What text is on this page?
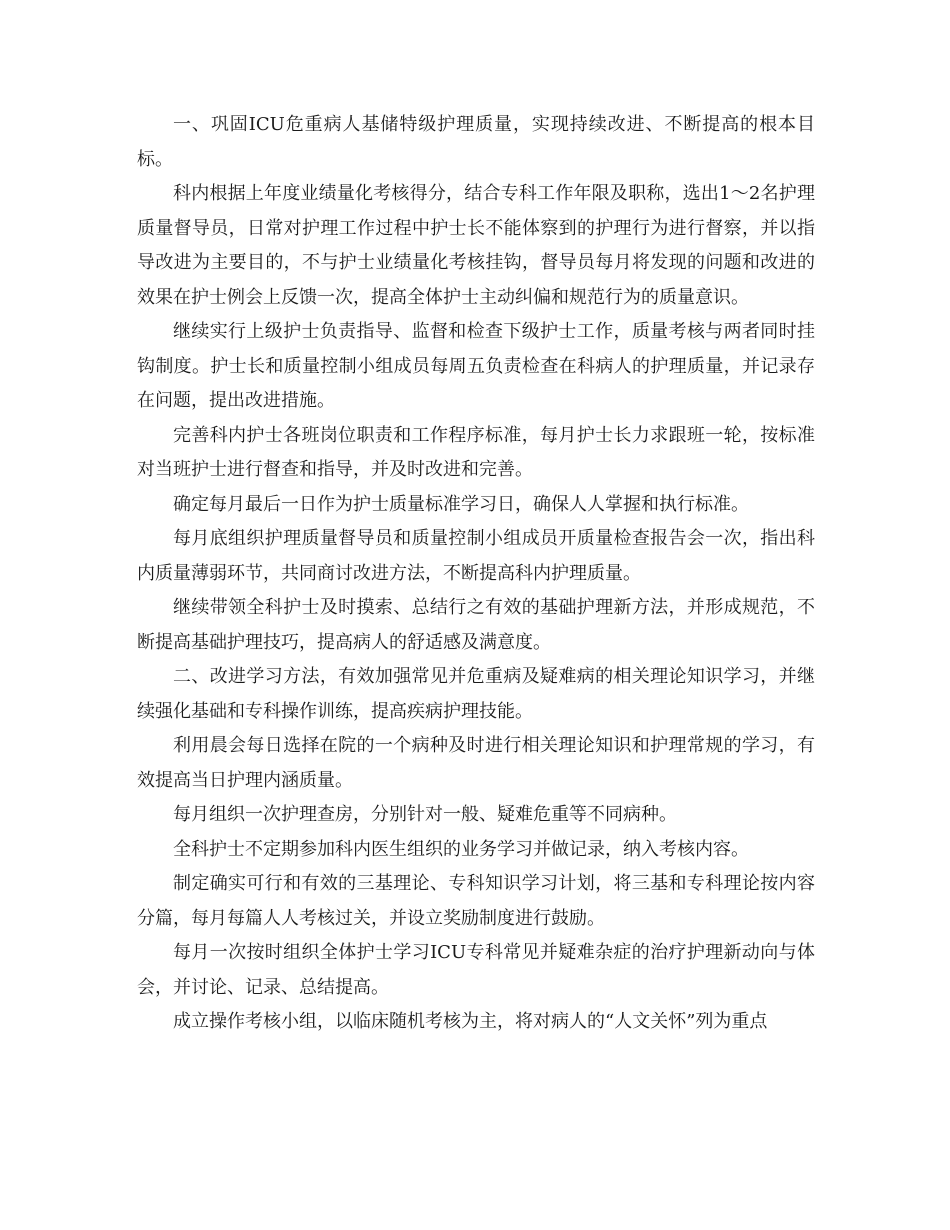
一、巩固ICU危重病人基储特级护理质量，实现持续改进、不断提高的根本目标。

科内根据上年度业绩量化考核得分，结合专科工作年限及职称，选出1～2名护理质量督导员，日常对护理工作过程中护士长不能体察到的护理行为进行督察，并以指导改进为主要目的，不与护士业绩量化考核挂钩，督导员每月将发现的问题和改进的效果在护士例会上反馈一次，提高全体护士主动纠偏和规范行为的质量意识。

继续实行上级护士负责指导、监督和检查下级护士工作，质量考核与两者同时挂钩制度。护士长和质量控制小组成员每周五负责检查在科病人的护理质量，并记录存在问题，提出改进措施。

完善科内护士各班岗位职责和工作程序标准，每月护士长力求跟班一轮，按标准对当班护士进行督查和指导，并及时改进和完善。

确定每月最后一日作为护士质量标准学习日，确保人人掌握和执行标准。

每月底组织护理质量督导员和质量控制小组成员开质量检查报告会一次，指出科内质量薄弱环节，共同商讨改进方法，不断提高科内护理质量。

继续带领全科护士及时摸索、总结行之有效的基础护理新方法，并形成规范，不断提高基础护理技巧，提高病人的舒适感及满意度。

二、改进学习方法，有效加强常见并危重病及疑难病的相关理论知识学习，并继续强化基础和专科操作训练，提高疾病护理技能。

利用晨会每日选择在院的一个病种及时进行相关理论知识和护理常规的学习，有效提高当日护理内涵质量。

每月组织一次护理查房，分别针对一般、疑难危重等不同病种。

全科护士不定期参加科内医生组织的业务学习并做记录，纳入考核内容。

制定确实可行和有效的三基理论、专科知识学习计划，将三基和专科理论按内容分篇，每月每篇人人考核过关，并设立奖励制度进行鼓励。

每月一次按时组织全体护士学习ICU专科常见并疑难杂症的治疗护理新动向与体会，并讨论、记录、总结提高。

成立操作考核小组，以临床随机考核为主，将对病人的“人文关怀”列为重点
